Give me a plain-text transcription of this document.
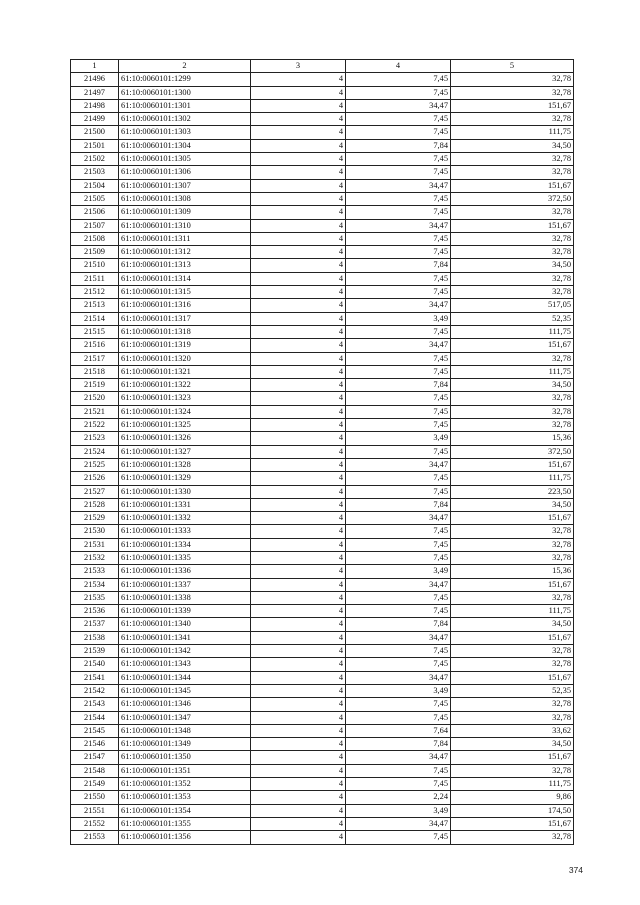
1	2	3	4	5
21496	61:10:0060101:1299	4	7,45	32,78
21497	61:10:0060101:1300	4	7,45	32,78
21498	61:10:0060101:1301	4	34,47	151,67
21499	61:10:0060101:1302	4	7,45	32,78
21500	61:10:0060101:1303	4	7,45	111,75
21501	61:10:0060101:1304	4	7,84	34,50
21502	61:10:0060101:1305	4	7,45	32,78
21503	61:10:0060101:1306	4	7,45	32,78
21504	61:10:0060101:1307	4	34,47	151,67
21505	61:10:0060101:1308	4	7,45	372,50
21506	61:10:0060101:1309	4	7,45	32,78
21507	61:10:0060101:1310	4	34,47	151,67
21508	61:10:0060101:1311	4	7,45	32,78
21509	61:10:0060101:1312	4	7,45	32,78
21510	61:10:0060101:1313	4	7,84	34,50
21511	61:10:0060101:1314	4	7,45	32,78
21512	61:10:0060101:1315	4	7,45	32,78
21513	61:10:0060101:1316	4	34,47	517,05
21514	61:10:0060101:1317	4	3,49	52,35
21515	61:10:0060101:1318	4	7,45	111,75
21516	61:10:0060101:1319	4	34,47	151,67
21517	61:10:0060101:1320	4	7,45	32,78
21518	61:10:0060101:1321	4	7,45	111,75
21519	61:10:0060101:1322	4	7,84	34,50
21520	61:10:0060101:1323	4	7,45	32,78
21521	61:10:0060101:1324	4	7,45	32,78
21522	61:10:0060101:1325	4	7,45	32,78
21523	61:10:0060101:1326	4	3,49	15,36
21524	61:10:0060101:1327	4	7,45	372,50
21525	61:10:0060101:1328	4	34,47	151,67
21526	61:10:0060101:1329	4	7,45	111,75
21527	61:10:0060101:1330	4	7,45	223,50
21528	61:10:0060101:1331	4	7,84	34,50
21529	61:10:0060101:1332	4	34,47	151,67
21530	61:10:0060101:1333	4	7,45	32,78
21531	61:10:0060101:1334	4	7,45	32,78
21532	61:10:0060101:1335	4	7,45	32,78
21533	61:10:0060101:1336	4	3,49	15,36
21534	61:10:0060101:1337	4	34,47	151,67
21535	61:10:0060101:1338	4	7,45	32,78
21536	61:10:0060101:1339	4	7,45	111,75
21537	61:10:0060101:1340	4	7,84	34,50
21538	61:10:0060101:1341	4	34,47	151,67
21539	61:10:0060101:1342	4	7,45	32,78
21540	61:10:0060101:1343	4	7,45	32,78
21541	61:10:0060101:1344	4	34,47	151,67
21542	61:10:0060101:1345	4	3,49	52,35
21543	61:10:0060101:1346	4	7,45	32,78
21544	61:10:0060101:1347	4	7,45	32,78
21545	61:10:0060101:1348	4	7,64	33,62
21546	61:10:0060101:1349	4	7,84	34,50
21547	61:10:0060101:1350	4	34,47	151,67
21548	61:10:0060101:1351	4	7,45	32,78
21549	61:10:0060101:1352	4	7,45	111,75
21550	61:10:0060101:1353	4	2,24	9,86
21551	61:10:0060101:1354	4	3,49	174,50
21552	61:10:0060101:1355	4	34,47	151,67
21553	61:10:0060101:1356	4	7,45	32,78
374
